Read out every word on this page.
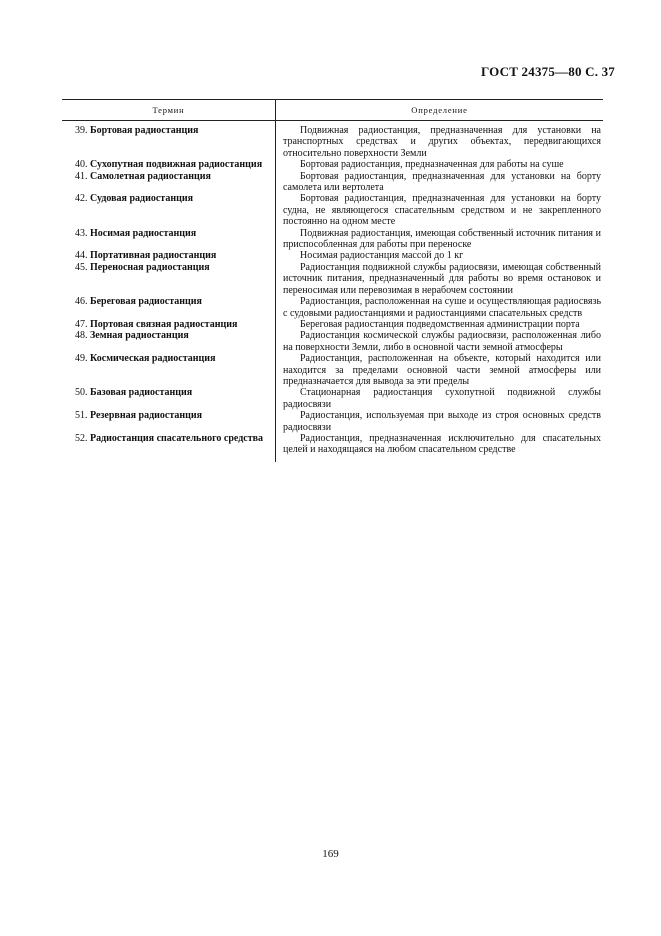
ГОСТ 24375—80 С. 37
Термин	Определение
39. Бортовая радиостанция	Подвижная радиостанция, предназначенная для установки на транспортных средствах и других объектах, передвигающихся относительно поверхности Земли

40. Сухопутная подвижная радиостанция	Бортовая радиостанция, предназначенная для работы на суше

41. Самолетная радиостанция	Бортовая радиостанция, предназначенная для установки на борту самолета или вертолета

42. Судовая радиостанция	Бортовая радиостанция, предназначенная для установки на борту судна, не являющегося спасательным средством и не закрепленного постоянно на одном месте

43. Носимая радиостанция	Подвижная радиостанция, имеющая собственный источник питания и приспособленная для работы при переноске

44. Портативная радиостанция	Носимая радиостанция массой до 1 кг

45. Переносная радиостанция	Радиостанция подвижной службы радиосвязи, имеющая собственный источник питания, предназначенный для работы во время остановок и переносимая или перевозимая в нерабочем состоянии

46. Береговая радиостанция	Радиостанция, расположенная на суше и осуществляющая радиосвязь с судовыми радиостанциями и радиостанциями спасательных средств

47. Портовая связная радиостанция	Береговая радиостанция подведомственная администрации порта

48. Земная радиостанция	Радиостанция космической службы радиосвязи, расположенная либо на поверхности Земли, либо в основной части земной атмосферы

49. Космическая радиостанция	Радиостанция, расположенная на объекте, который находится или находится за пределами основной части земной атмосферы или предназначается для вывода за эти пределы

50. Базовая радиостанция	Стационарная радиостанция сухопутной подвижной службы радиосвязи

51. Резервная радиостанция	Радиостанция, используемая при выходе из строя основных средств радиосвязи

52. Радиостанция спасательного средства	Радиостанция, предназначенная исключительно для спасательных целей и находящаяся на любом спасательном средстве
169
